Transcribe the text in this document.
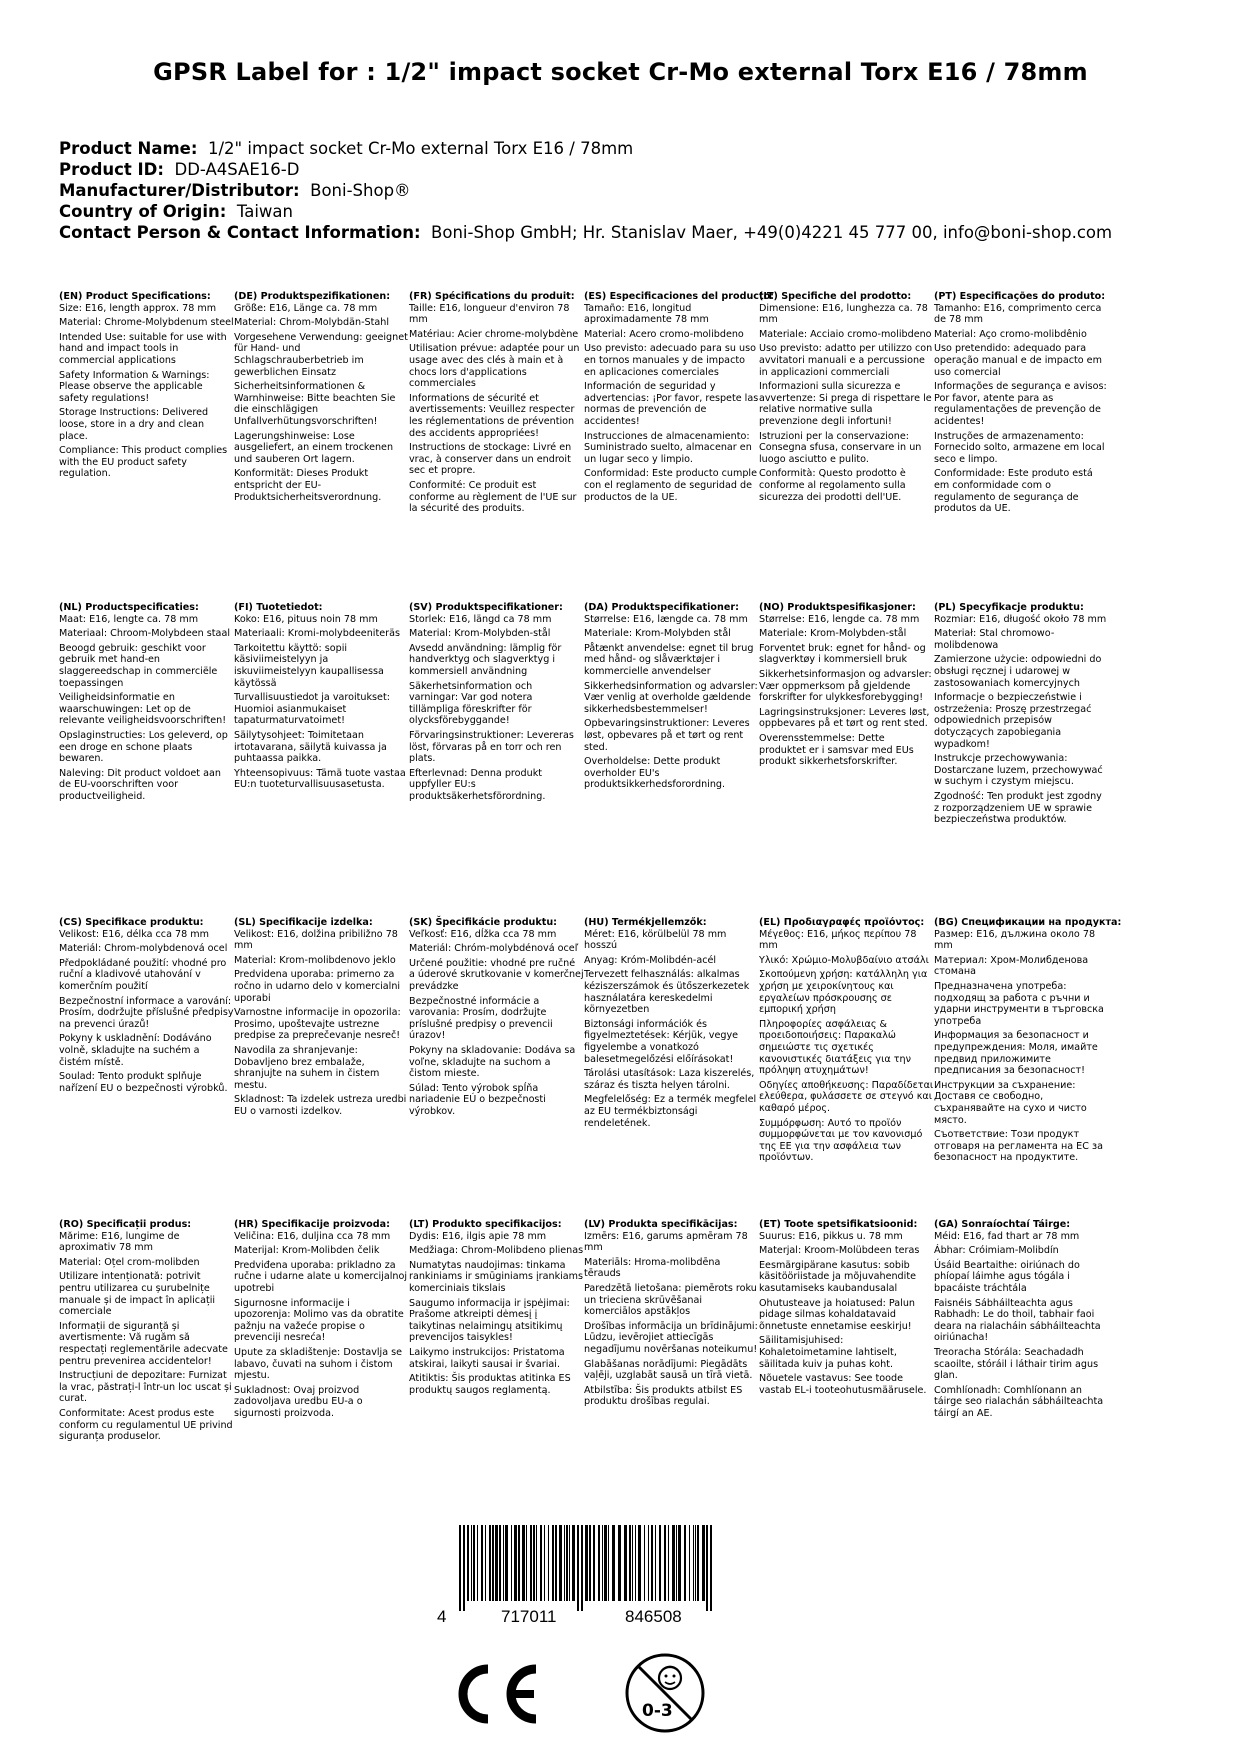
GPSR Label for : 1/2" impact socket Cr-Mo external Torx E16 / 78mm
Product Name: 1/2" impact socket Cr-Mo external Torx E16 / 78mm
Product ID: DD-A4SAE16-D
Manufacturer/Distributor: Boni-Shop®
Country of Origin: Taiwan
Contact Person & Contact Information: Boni-Shop GmbH; Hr. Stanislav Maer, +49(0)4221 45 777 00, info@boni-shop.com
(EN) Product Specifications:

Size: E16, length approx. 78 mm

Material: Chrome-Molybdenum steel

Intended Use: suitable for use with hand and impact tools in commercial applications

Safety Information & Warnings: Please observe the applicable safety regulations!

Storage Instructions: Delivered loose, store in a dry and clean place.

Compliance: This product complies with the EU product safety regulation.

(DE) Produktspezifikationen:

Größe: E16, Länge ca. 78 mm

Material: Chrom-Molybdän-Stahl

Vorgesehene Verwendung: geeignet für Hand- und Schlagschrauberbetrieb im gewerblichen Einsatz

Sicherheitsinformationen & Warnhinweise: Bitte beachten Sie die einschlägigen Unfallverhütungsvorschriften!

Lagerungshinweise: Lose ausgeliefert, an einem trockenen und sauberen Ort lagern.

Konformität: Dieses Produkt entspricht der EU-Produktsicherheitsverordnung.

(FR) Spécifications du produit:

Taille: E16, longueur d'environ 78 mm

Matériau: Acier chrome-molybdène

Utilisation prévue: adaptée pour un usage avec des clés à main et à chocs lors d'applications commerciales

Informations de sécurité et avertissements: Veuillez respecter les réglementations de prévention des accidents appropriées!

Instructions de stockage: Livré en vrac, à conserver dans un endroit sec et propre.

Conformité: Ce produit est conforme au règlement de l'UE sur la sécurité des produits.

(ES) Especificaciones del producto:

Tamaño: E16, longitud aproximadamente 78 mm

Material: Acero cromo-molibdeno

Uso previsto: adecuado para su uso en tornos manuales y de impacto en aplicaciones comerciales

Información de seguridad y advertencias: ¡Por favor, respete las normas de prevención de accidentes!

Instrucciones de almacenamiento: Suministrado suelto, almacenar en un lugar seco y limpio.

Conformidad: Este producto cumple con el reglamento de seguridad de productos de la UE.

(IT) Specifiche del prodotto:

Dimensione: E16, lunghezza ca. 78 mm

Materiale: Acciaio cromo-molibdeno

Uso previsto: adatto per utilizzo con avvitatori manuali e a percussione in applicazioni commerciali

Informazioni sulla sicurezza e avvertenze: Si prega di rispettare le relative normative sulla prevenzione degli infortuni!

Istruzioni per la conservazione: Consegna sfusa, conservare in un luogo asciutto e pulito.

Conformità: Questo prodotto è conforme al regolamento sulla sicurezza dei prodotti dell'UE.

(PT) Especificações do produto:

Tamanho: E16, comprimento cerca de 78 mm

Material: Aço cromo-molibdênio

Uso pretendido: adequado para operação manual e de impacto em uso comercial

Informações de segurança e avisos: Por favor, atente para as regulamentações de prevenção de acidentes!

Instruções de armazenamento: Fornecido solto, armazene em local seco e limpo.

Conformidade: Este produto está em conformidade com o regulamento de segurança de produtos da UE.

(NL) Productspecificaties:

Maat: E16, lengte ca. 78 mm

Materiaal: Chroom-Molybdeen staal

Beoogd gebruik: geschikt voor gebruik met hand-en slaggereedschap in commerciële toepassingen

Veiligheidsinformatie en waarschuwingen: Let op de relevante veiligheidsvoorschriften!

Opslaginstructies: Los geleverd, op een droge en schone plaats bewaren.

Naleving: Dit product voldoet aan de EU-voorschriften voor productveiligheid.

(FI) Tuotetiedot:

Koko: E16, pituus noin 78 mm

Materiaali: Kromi-molybdeeniteräs

Tarkoitettu käyttö: sopii käsiviimeistelyyn ja iskuviimeistelyyn kaupallisessa käytössä

Turvallisuustiedot ja varoitukset: Huomioi asianmukaiset tapaturmaturvatoimet!

Säilytysohjeet: Toimitetaan irtotavarana, säilytä kuivassa ja puhtaassa paikka.

Yhteensopivuus: Tämä tuote vastaa EU:n tuoteturvallisuusasetusta.

(SV) Produktspecifikationer:

Storlek: E16, längd ca 78 mm

Material: Krom-Molybden-stål

Avsedd användning: lämplig för handverktyg och slagverktyg i kommersiell användning

Säkerhetsinformation och varningar: Var god notera tillämpliga föreskrifter för olycksförebyggande!

Förvaringsinstruktioner: Levereras löst, förvaras på en torr och ren plats.

Efterlevnad: Denna produkt uppfyller EU:s produktsäkerhetsförordning.

(DA) Produktspecifikationer:

Størrelse: E16, længde ca. 78 mm

Materiale: Krom-Molybden stål

Påtænkt anvendelse: egnet til brug med hånd- og slåværktøjer i kommercielle anvendelser

Sikkerhedsinformation og advarsler: Vær venlig at overholde gældende sikkerhedsbestemmelser!

Opbevaringsinstruktioner: Leveres løst, opbevares på et tørt og rent sted.

Overholdelse: Dette produkt overholder EU's produktsikkerhedsforordning.

(NO) Produktspesifikasjoner:

Størrelse: E16, lengde ca. 78 mm

Materiale: Krom-Molybden-stål

Forventet bruk: egnet for hånd- og slagverktøy i kommersiell bruk

Sikkerhetsinformasjon og advarsler: Vær oppmerksom på gjeldende forskrifter for ulykkesforebygging!

Lagringsinstruksjoner: Leveres løst, oppbevares på et tørt og rent sted.

Overensstemmelse: Dette produktet er i samsvar med EUs produkt sikkerhetsforskrifter.

(PL) Specyfikacje produktu:

Rozmiar: E16, długość około 78 mm

Materiał: Stal chromowo-molibdenowa

Zamierzone użycie: odpowiedni do obsługi ręcznej i udarowej w zastosowaniach komercyjnych

Informacje o bezpieczeństwie i ostrzeżenia: Proszę przestrzegać odpowiednich przepisów dotyczących zapobiegania wypadkom!

Instrukcje przechowywania: Dostarczane luzem, przechowywać w suchym i czystym miejscu.

Zgodność: Ten produkt jest zgodny z rozporządzeniem UE w sprawie bezpieczeństwa produktów.

(CS) Specifikace produktu:

Velikost: E16, délka cca 78 mm

Materiál: Chrom-molybdenová ocel

Předpokládané použití: vhodné pro ruční a kladivové utahování v komerčním použití

Bezpečnostní informace a varování: Prosím, dodržujte příslušné předpisy na prevenci úrazů!

Pokyny k uskladnění: Dodáváno volně, skladujte na suchém a čistém místě.

Soulad: Tento produkt splňuje nařízení EU o bezpečnosti výrobků.

(SL) Specifikacije izdelka:

Velikost: E16, dolžina pribiližno 78 mm

Material: Krom-molibdenovo jeklo

Predvidena uporaba: primerno za ročno in udarno delo v komercialni uporabi

Varnostne informacije in opozorila: Prosimo, upoštevajte ustrezne predpise za preprečevanje nesreč!

Navodila za shranjevanje: Dobavljeno brez embalaže, shranjujte na suhem in čistem mestu.

Skladnost: Ta izdelek ustreza uredbi EU o varnosti izdelkov.

(SK) Špecifikácie produktu:

Veľkosť: E16, dĺžka cca 78 mm

Materiál: Chróm-molybdénová oceľ

Určené použitie: vhodné pre ručné a úderové skrutkovanie v komerčnej prevádzke

Bezpečnostné informácie a varovania: Prosím, dodržujte príslušné predpisy o prevencii úrazov!

Pokyny na skladovanie: Dodáva sa voľne, skladujte na suchom a čistom mieste.

Súlad: Tento výrobok spĺňa nariadenie EÚ o bezpečnosti výrobkov.

(HU) Termékjellemzők:

Méret: E16, körülbelül 78 mm hosszú

Anyag: Króm-Molibdén-acél

Tervezett felhasználás: alkalmas kéziszerszámok és ütőszerkezetek használatára kereskedelmi környezetben

Biztonsági információk és figyelmeztetések: Kérjük, vegye figyelembe a vonatkozó balesetmegelőzési előírásokat!

Tárolási utasítások: Laza kiszerelés, száraz és tiszta helyen tárolni.

Megfelelőség: Ez a termék megfelel az EU termékbiztonsági rendeletének.

(EL) Προδιαγραφές προϊόντος:

Μέγεθος: E16, μήκος περίπου 78 mm

Υλικό: Χρώμιο-Μολυβδαίνιο ατσάλι

Σκοπούμενη χρήση: κατάλληλη για χρήση με χειροκίνητους και εργαλείων πρόσκρουσης σε εμπορική χρήση

Πληροφορίες ασφάλειας & προειδοποιήσεις: Παρακαλώ σημειώστε τις σχετικές κανονιστικές διατάξεις για την πρόληψη ατυχημάτων!

Οδηγίες αποθήκευσης: Παραδίδεται ελεύθερα, φυλάσσετε σε στεγνό και καθαρό μέρος.

Συμμόρφωση: Αυτό το προϊόν συμμορφώνεται με τον κανονισμό της ΕΕ για την ασφάλεια των προϊόντων.

(BG) Спецификации на продукта:

Размер: E16, дължина около 78 mm

Материал: Хром-Молибденова стомана

Предназначена употреба: подходящ за работа с ръчни и ударни инструменти в търговска употреба

Информация за безопасност и предупреждения: Моля, имайте предвид приложимите предписания за безопасност!

Инструкции за съхранение: Доставя се свободно, съхранявайте на сухо и чисто място.

Съответствие: Този продукт отговаря на регламента на ЕС за безопасност на продуктите.

(RO) Specificații produs:

Mărime: E16, lungime de aproximativ 78 mm

Material: Oțel crom-molibden

Utilizare intenționată: potrivit pentru utilizarea cu șurubelnițe manuale și de impact în aplicații comerciale

Informații de siguranță și avertismente: Vă rugăm să respectați reglementările adecvate pentru prevenirea accidentelor!

Instrucțiuni de depozitare: Furnizat la vrac, păstrați-l într-un loc uscat și curat.

Conformitate: Acest produs este conform cu regulamentul UE privind siguranța produselor.

(HR) Specifikacije proizvoda:

Veličina: E16, duljina cca 78 mm

Materijal: Krom-Molibden čelik

Predviđena uporaba: prikladno za ručne i udarne alate u komercijalnoj upotrebi

Sigurnosne informacije i upozorenja: Molimo vas da obratite pažnju na važeće propise o prevenciji nesreća!

Upute za skladištenje: Dostavlja se labavo, čuvati na suhom i čistom mjestu.

Sukladnost: Ovaj proizvod zadovoljava uredbu EU-a o sigurnosti proizvoda.

(LT) Produkto specifikacijos:

Dydis: E16, ilgis apie 78 mm

Medžiaga: Chrom-Molibdeno plienas

Numatytas naudojimas: tinkama rankiniams ir smūginiams įrankiams komerciniais tikslais

Saugumo informacija ir įspėjimai: Prašome atkreipti dėmesį į taikytinas nelaimingų atsitikimų prevencijos taisykles!

Laikymo instrukcijos: Pristatoma atskirai, laikyti sausai ir švariai.

Atitiktis: Šis produktas atitinka ES produktų saugos reglamentą.

(LV) Produkta specifikācijas:

Izmērs: E16, garums apmēram 78 mm

Materiāls: Hroma-molibdēna tērauds

Paredzētā lietošana: piemērots roku un trieciena skrūvēšanai komerciālos apstākļos

Drošības informācija un brīdinājumi: Lūdzu, ievērojiet attiecīgās negadījumu novēršanas noteikumu!

Glabāšanas norādījumi: Piegādāts vaļēji, uzglabāt sausā un tīrā vietā.

Atbilstība: Šis produkts atbilst ES produktu drošības regulai.

(ET) Toote spetsifikatsioonid:

Suurus: E16, pikkus u. 78 mm

Materjal: Kroom-Molübdeen teras

Eesmärgipärane kasutus: sobib käsitööriistade ja mõjuvahendite kasutamiseks kaubandusalal

Ohutusteave ja hoiatused: Palun pidage silmas kohaldatavaid õnnetuste ennetamise eeskirju!

Säilitamisjuhised: Kohaletoimetamine lahtiselt, säilitada kuiv ja puhas koht.

Nõuetele vastavus: See toode vastab EL-i tooteohutusmäärusele.

(GA) Sonraíochtaí Táirge:

Méid: E16, fad thart ar 78 mm

Ábhar: Cróimiam-Molibdín

Úsáid Beartaithe: oiriúnach do phíopaí láimhe agus tógála i bpacáiste tráchtála

Faisnéis Sábháilteachta agus Rabhadh: Le do thoil, tabhair faoi deara na rialacháin sábháilteachta oiriúnacha!

Treoracha Stórála: Seachadadh scaoilte, stóráil i láthair tirim agus glan.

Comhlíonadh: Comhlíonann an táirge seo rialachán sábháilteachta táirgí an AE.

4	717011	846508
0-3
